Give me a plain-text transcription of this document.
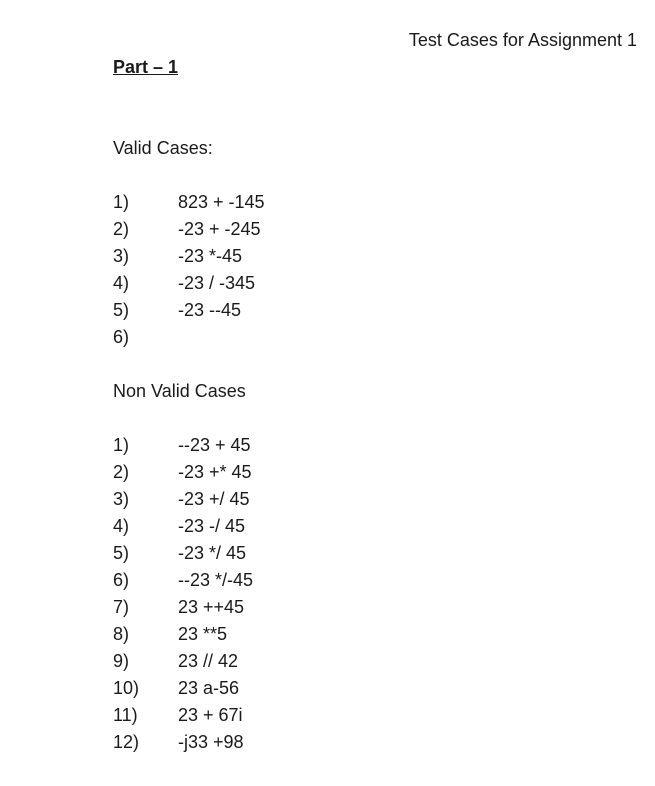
Test Cases for Assignment 1
Part – 1
Valid Cases:
1)	823 + -145
2)	-23 + -245
3)	-23 *-45
4)	-23 / -345
5)	-23 --45
6)
Non Valid Cases
1)	--23 + 45
2)	-23 +* 45
3)	-23 +/ 45
4)	-23 -/ 45
5)	-23 */ 45
6)	--23 */-45
7)	23 ++45
8)	23 **5
9)	23 // 42
10)	23 a-56
11)	23 + 67i
12)	-j33 +98
